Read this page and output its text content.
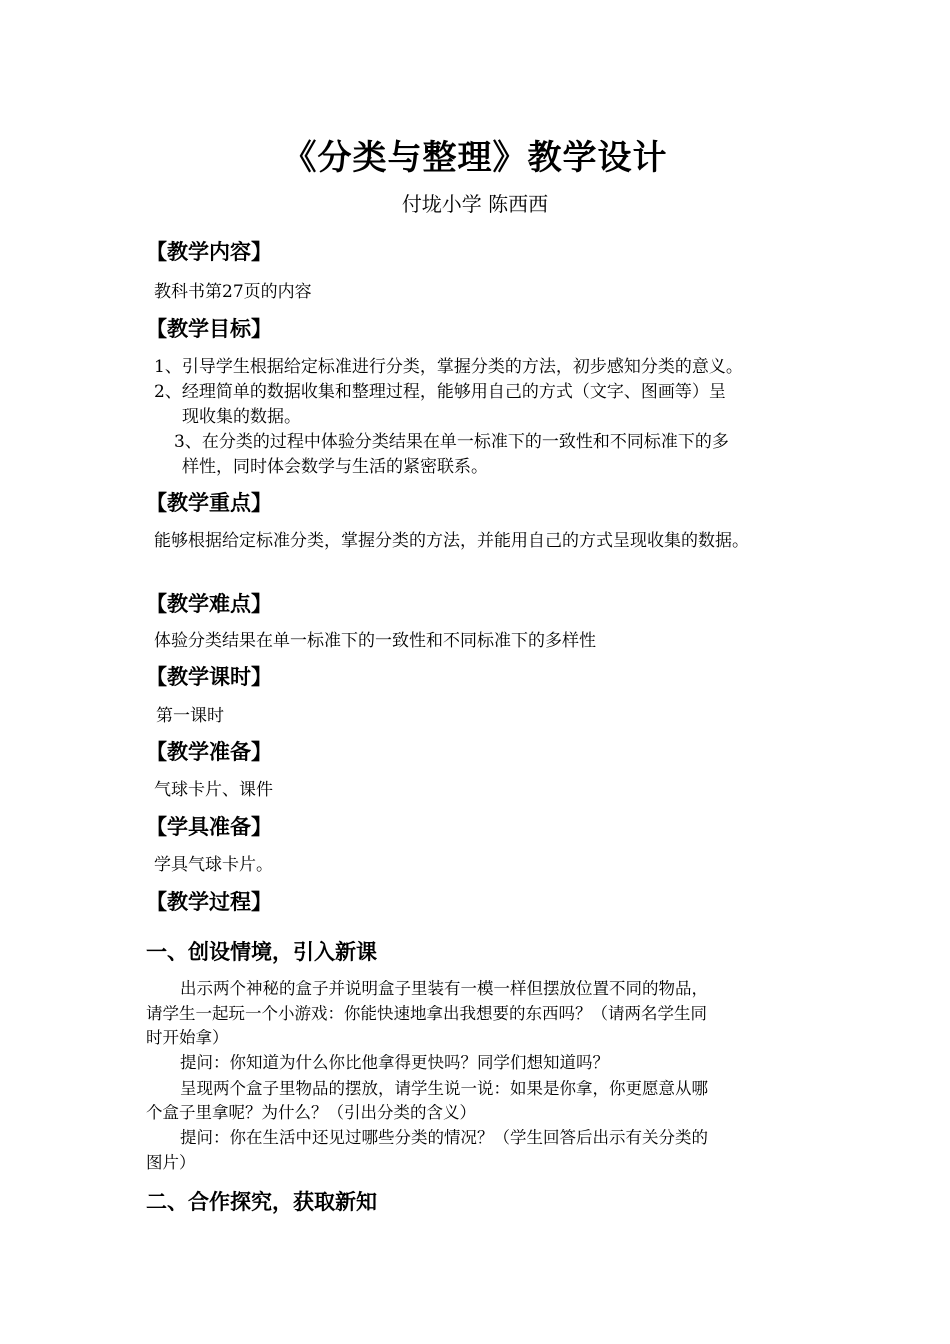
《分类与整理》教学设计
付垅小学 陈西西
【教学内容】
教科书第27页的内容
【教学目标】
1、引导学生根据给定标准进行分类，掌握分类的方法，初步感知分类的意义。
2、经理简单的数据收集和整理过程，能够用自己的方式（文字、图画等）呈
现收集的数据。
3、在分类的过程中体验分类结果在单一标准下的一致性和不同标准下的多
样性，同时体会数学与生活的紧密联系。
【教学重点】
能够根据给定标准分类，掌握分类的方法，并能用自己的方式呈现收集的数据。
【教学难点】
体验分类结果在单一标准下的一致性和不同标准下的多样性
【教学课时】
第一课时
【教学准备】
气球卡片、课件
【学具准备】
学具气球卡片。
【教学过程】
一、创设情境，引入新课
出示两个神秘的盒子并说明盒子里装有一模一样但摆放位置不同的物品，
请学生一起玩一个小游戏：你能快速地拿出我想要的东西吗？（请两名学生同
时开始拿）
提问：你知道为什么你比他拿得更快吗？同学们想知道吗？
呈现两个盒子里物品的摆放，请学生说一说：如果是你拿，你更愿意从哪
个盒子里拿呢？为什么？（引出分类的含义）
提问：你在生活中还见过哪些分类的情况？（学生回答后出示有关分类的
图片）
二、合作探究，获取新知
